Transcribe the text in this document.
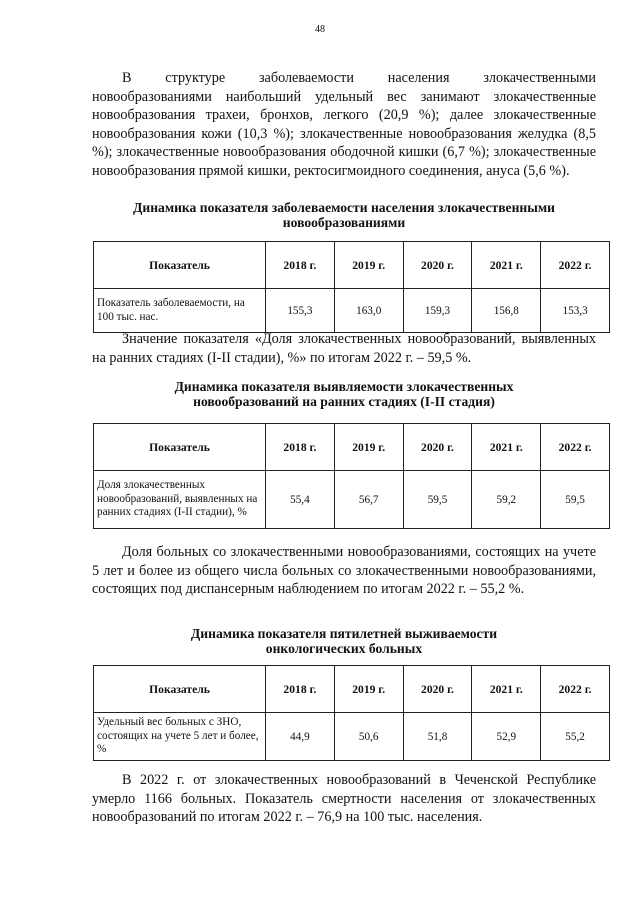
48

В структуре заболеваемости населения злокачественными новообразованиями наибольший удельный вес занимают злокачественные новообразования трахеи, бронхов, легкого (20,9 %); далее злокачественные новообразования кожи (10,3 %); злокачественные новообразования желудка (8,5 %); злокачественные новообразования ободочной кишки (6,7 %); злокачественные новообразования прямой кишки, ректосигмоидного соединения, ануса (5,6 %).

Динамика показателя заболеваемости населения злокачественными
новообразованиями
Показатель	2018 г.	2019 г.	2020 г.	2021 г.	2022 г.
Показатель заболеваемости, на 100 тыс. нас.	155,3	163,0	159,3	156,8	153,3

Значение показателя «Доля злокачественных новообразований, выявленных на ранних стадиях (I-II стадии), %» по итогам 2022 г. – 59,5 %.

Динамика показателя выявляемости злокачественных
новообразований на ранних стадиях (I-II стадия)
Показатель	2018 г.	2019 г.	2020 г.	2021 г.	2022 г.
Доля злокачественных новообразований, выявленных на ранних стадиях (I-II стадии), %	55,4	56,7	59,5	59,2	59,5

Доля больных со злокачественными новообразованиями, состоящих на учете 5 лет и более из общего числа больных со злокачественными новообразованиями, состоящих под диспансерным наблюдением по итогам 2022 г. – 55,2 %.

Динамика показателя пятилетней выживаемости
онкологических больных
Показатель	2018 г.	2019 г.	2020 г.	2021 г.	2022 г.
Удельный вес больных с ЗНО, состоящих на учете 5 лет и более, %	44,9	50,6	51,8	52,9	55,2

В 2022 г. от злокачественных новообразований в Чеченской Республике умерло 1166 больных. Показатель смертности населения от злокачественных новообразований по итогам 2022 г. – 76,9 на 100 тыс. населения.
